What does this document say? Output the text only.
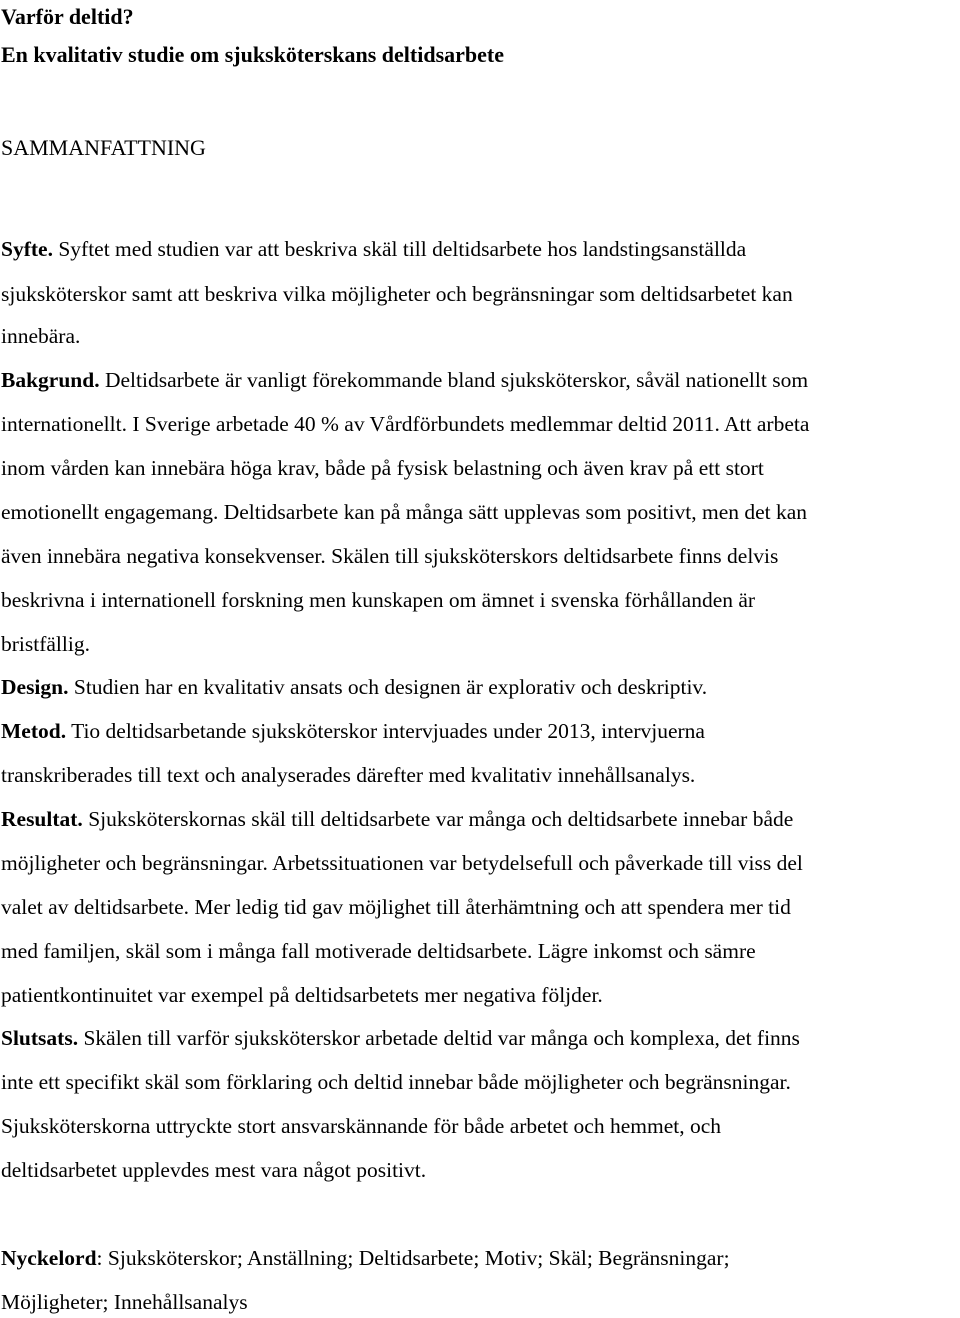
Varför deltid?
En kvalitativ studie om sjuksköterskans deltidsarbete
SAMMANFATTNING
Syfte. Syftet med studien var att beskriva skäl till deltidsarbete hos landstingsanställda
sjuksköterskor samt att beskriva vilka möjligheter och begränsningar som deltidsarbetet kan
innebära.
Bakgrund. Deltidsarbete är vanligt förekommande bland sjuksköterskor, såväl nationellt som
internationellt. I Sverige arbetade 40 % av Vårdförbundets medlemmar deltid 2011. Att arbeta
inom vården kan innebära höga krav, både på fysisk belastning och även krav på ett stort
emotionellt engagemang. Deltidsarbete kan på många sätt upplevas som positivt, men det kan
även innebära negativa konsekvenser. Skälen till sjuksköterskors deltidsarbete finns delvis
beskrivna i internationell forskning men kunskapen om ämnet i svenska förhållanden är
bristfällig.
Design. Studien har en kvalitativ ansats och designen är explorativ och deskriptiv.
Metod. Tio deltidsarbetande sjuksköterskor intervjuades under 2013, intervjuerna
transkriberades till text och analyserades därefter med kvalitativ innehållsanalys.
Resultat. Sjuksköterskornas skäl till deltidsarbete var många och deltidsarbete innebar både
möjligheter och begränsningar. Arbetssituationen var betydelsefull och påverkade till viss del
valet av deltidsarbete. Mer ledig tid gav möjlighet till återhämtning och att spendera mer tid
med familjen, skäl som i många fall motiverade deltidsarbete. Lägre inkomst och sämre
patientkontinuitet var exempel på deltidsarbetets mer negativa följder.
Slutsats. Skälen till varför sjuksköterskor arbetade deltid var många och komplexa, det finns
inte ett specifikt skäl som förklaring och deltid innebar både möjligheter och begränsningar.
Sjuksköterskorna uttryckte stort ansvarskännande för både arbetet och hemmet, och
deltidsarbetet upplevdes mest vara något positivt.
Nyckelord: Sjuksköterskor; Anställning; Deltidsarbete; Motiv; Skäl; Begränsningar;
Möjligheter; Innehållsanalys
